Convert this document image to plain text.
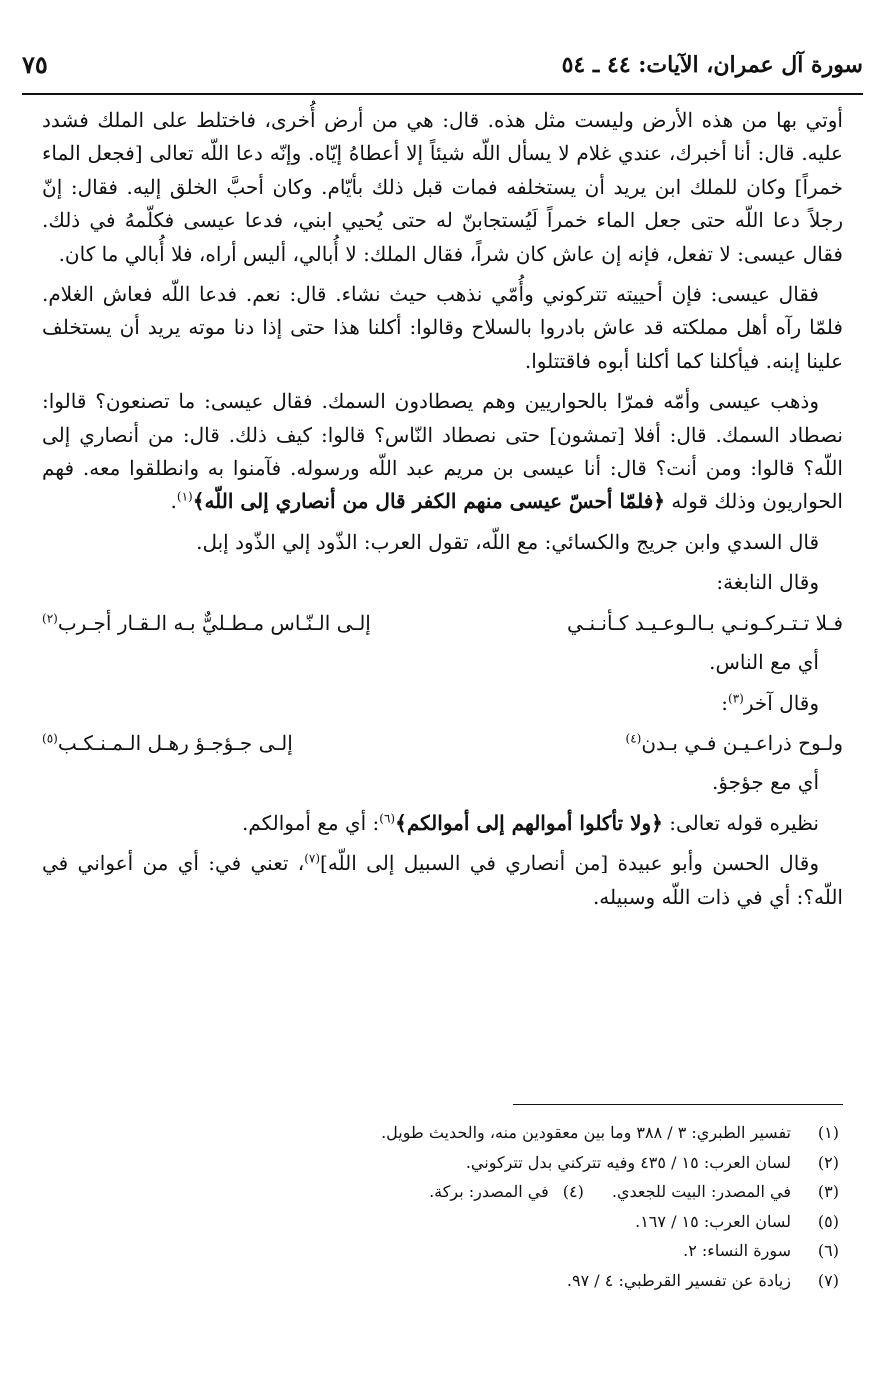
سورة آل عمران، الآيات: ٤٤ ـ ٥٤
٧٥

أوتي بها من هذه الأرض وليست مثل هذه. قال: هي من أرض أُخرى، فاختلط على الملك فشدد عليه. قال: أنا أخبرك، عندي غلام لا يسأل اللّه شيئاً إلا أعطاهُ إيّاه. وإنّه دعا اللّه تعالى [فجعل الماء خمراً] وكان للملك ابن يريد أن يستخلفه فمات قبل ذلك بأيّام. وكان أحبَّ الخلق إليه. فقال: إنّ رجلاً دعا اللّه حتى جعل الماء خمراً لَيُستجابنّ له حتى يُحيي ابني، فدعا عيسى فكلّمهُ في ذلك. فقال عيسى: لا تفعل، فإنه إن عاش كان شراً، فقال الملك: لا أُبالي، أليس أراه، فلا أُبالي ما كان.

فقال عيسى: فإن أحييته تتركوني وأُمّي نذهب حيث نشاء. قال: نعم. فدعا اللّه فعاش الغلام. فلمّا رآه أهل مملكته قد عاش بادروا بالسلاح وقالوا: أكلنا هذا حتى إذا دنا موته يريد أن يستخلف علينا إبنه. فيأكلنا كما أكلنا أبوه فاقتتلوا.

وذهب عيسى وأمّه فمرّا بالحواريين وهم يصطادون السمك. فقال عيسى: ما تصنعون؟ قالوا: نصطاد السمك. قال: أفلا [تمشون] حتى نصطاد النّاس؟ قالوا: كيف ذلك. قال: من أنصاري إلى اللّه؟ قالوا: ومن أنت؟ قال: أنا عيسى بن مريم عبد اللّه ورسوله. فآمنوا به وانطلقوا معه. فهم الحواريون وذلك قوله ﴿فلمّا أحسّ عيسى منهم الكفر قال من أنصاري إلى اللّه﴾$^{(١)}$.

قال السدي وابن جريج والكسائي: مع اللّه، تقول العرب: الذّود إلي الذّود إبل.

وقال النابغة:

فـلا تـتـركـونـي بـالـوعـيـد كـأنـنـي
إلـى الـنّـاس مـطـليٌّ بـه الـقـار أجـرب$^{(٢)}$

أي مع الناس.

وقال آخر$^{(٣)}$:

ولـوح ذراعـيـن فـي بـدن$^{(٤)}$
إلـى جـؤجـؤ رهـل الـمـنـكـب$^{(٥)}$

أي مع جؤجؤ.

نظيره قوله تعالى: ﴿ولا تأكلوا أموالهم إلى أموالكم﴾$^{(٦)}$: أي مع أموالكم.

وقال الحسن وأبو عبيدة [من أنصاري في السبيل إلى اللّه]$^{(٧)}$، تعني في: أي من أعواني في اللّه؟: أي في ذات اللّه وسبيله.

(١)
تفسير الطبري: ٣ / ٣٨٨ وما بين معقودين منه، والحديث طويل.
(٢)
لسان العرب: ١٥ / ٤٣٥ وفيه تتركني بدل تتركوني.
(٣)
في المصدر: البيت للجعدي.
(٤)
في المصدر: بركة.
(٥)
لسان العرب: ١٥ / ١٦٧.
(٦)
سورة النساء: ٢.
(٧)
زيادة عن تفسير القرطبي: ٤ / ٩٧.
